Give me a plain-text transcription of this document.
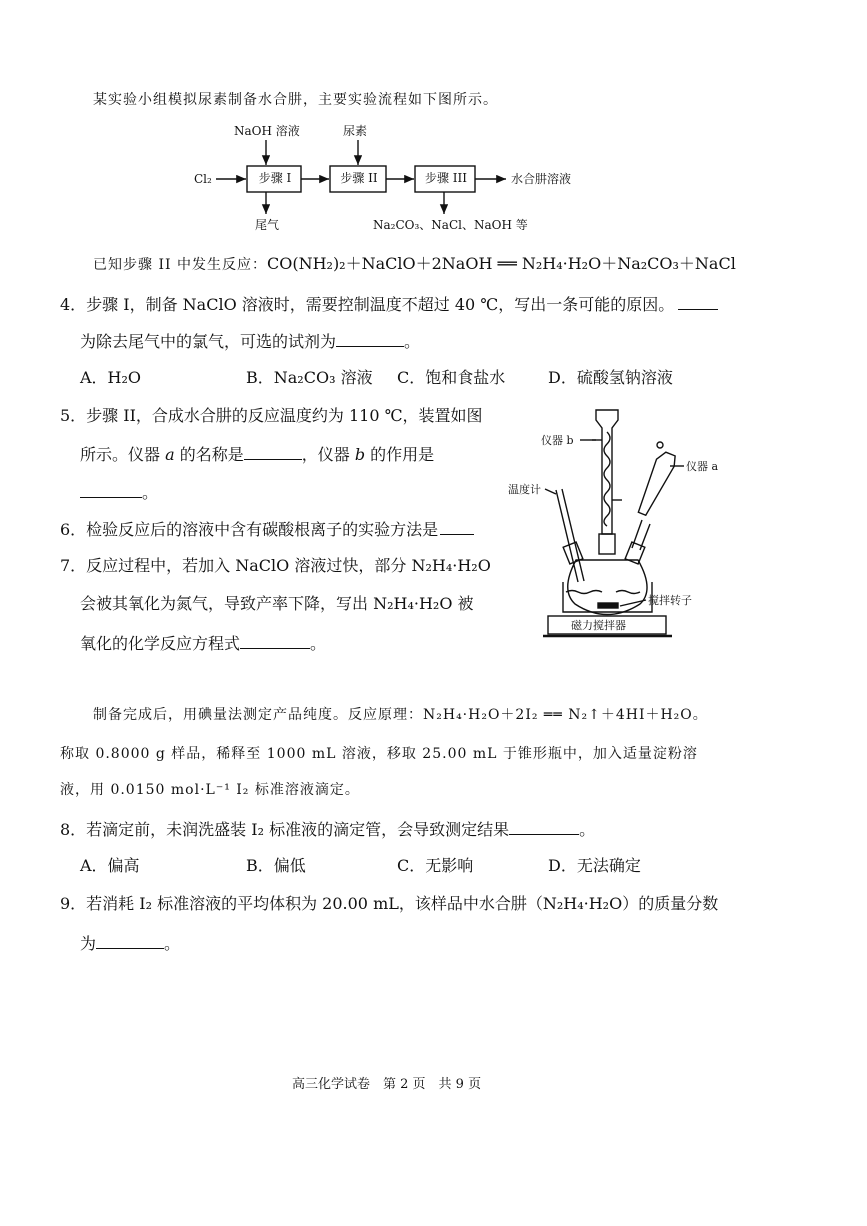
某实验小组模拟尿素制备水合肼，主要实验流程如下图所示。
NaOH 溶液	尿素
Cl₂	步骤 I	步骤 II	步骤 III	水合肼溶液
尾气	Na₂CO₃、NaCl、NaOH 等
已知步骤 II 中发生反应：CO(NH₂)₂＋NaClO＋2NaOH ══ N₂H₄·H₂O＋Na₂CO₃＋NaCl
4．步骤 I，制备 NaClO 溶液时，需要控制温度不超过 40 ℃，写出一条可能的原因。
为除去尾气中的氯气，可选的试剂为	。
A．H₂O	B．Na₂CO₃ 溶液 C．饱和食盐水	D．硫酸氢钠溶液
5．步骤 II，合成水合肼的反应温度约为 110 ℃，装置如图
所示。仪器 a 的名称是	，仪器 b 的作用是
。
6．检验反应后的溶液中含有碳酸根离子的实验方法是
7．反应过程中，若加入 NaClO 溶液过快，部分 N₂H₄·H₂O
会被其氧化为氮气，导致产率下降，写出 N₂H₄·H₂O 被
氧化的化学反应方程式	。
仪器 b
仪器 a
温度计
搅拌转子
磁力搅拌器
制备完成后，用碘量法测定产品纯度。反应原理：N₂H₄·H₂O＋2I₂ ══ N₂↑＋4HI＋H₂O。
称取 0.8000 g 样品，稀释至 1000 mL 溶液，移取 25.00 mL 于锥形瓶中，加入适量淀粉溶
液，用 0.0150 mol·L⁻¹ I₂ 标准溶液滴定。
8．若滴定前，未润洗盛装 I₂ 标准液的滴定管，会导致测定结果	。
A．偏高	B．偏低	C．无影响	D．无法确定
9．若消耗 I₂ 标准溶液的平均体积为 20.00 mL，该样品中水合肼（N₂H₄·H₂O）的质量分数
为	。
高三化学试卷　第 2 页　共 9 页
